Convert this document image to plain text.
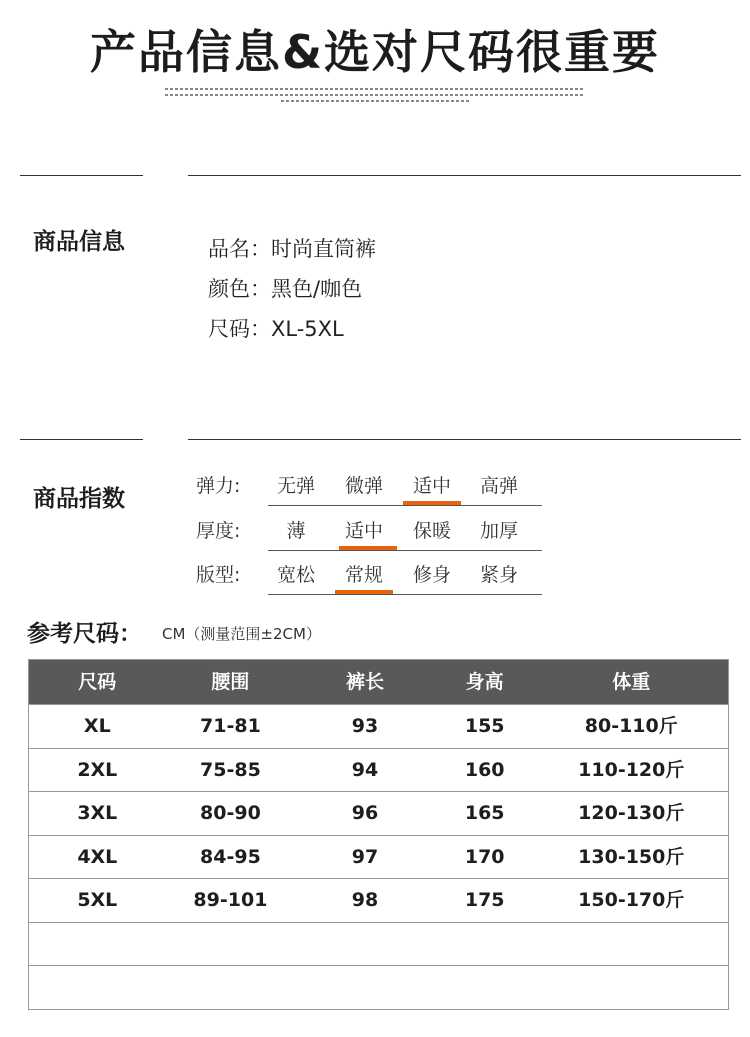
产品信息&选对尺码很重要
商品信息	品名：时尚直筒裤
颜色：黑色/咖色
尺码：XL-5XL
商品指数	弹力:	无弹	微弹	适中	高弹
厚度:	薄	适中	保暖	加厚
版型:	宽松	常规	修身	紧身
参考尺码： CM（测量范围±2CM）
尺码	腰围	裤长	身高	体重
XL	71-81	93	155	80-110斤
2XL	75-85	94	160	110-120斤
3XL	80-90	96	165	120-130斤
4XL	84-95	97	170	130-150斤
5XL	89-101	98	175	150-170斤
